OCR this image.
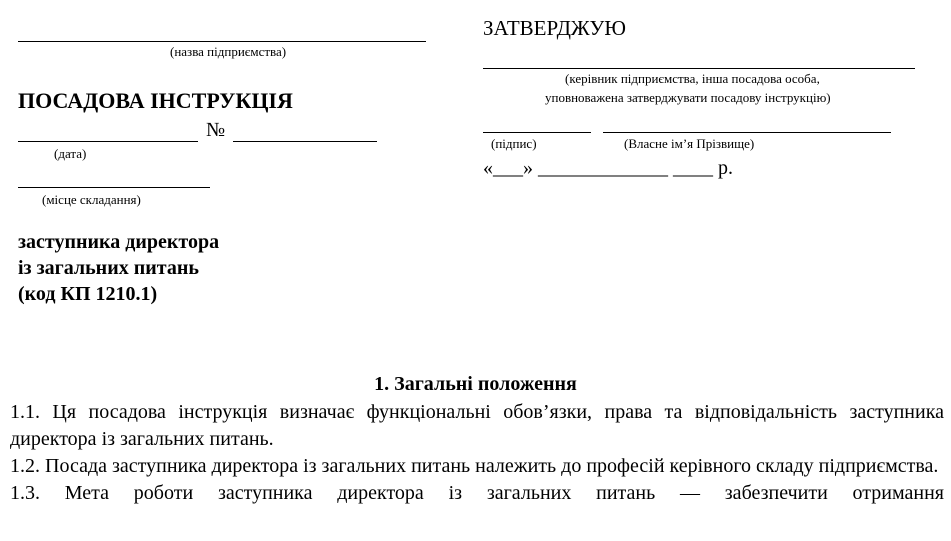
(назва підприємства)
ПОСАДОВА ІНСТРУКЦІЯ
№
(дата)
(місце складання)
заступника директора
із загальних питань
(код КП 1210.1)
ЗАТВЕРДЖУЮ
(керівник підприємства, інша посадова особа,
уповноважена затверджувати посадову інструкцію)
(підпис)	(Власне ім’я Прізвище)
«___» _____________ ____ р.
1. Загальні положення

1.1. Ця посадова інструкція визначає функціональні обов’язки, права та відповідальність заступника директора із загальних питань.

1.2. Посада заступника директора із загальних питань належить до професій керівного складу підприємства.

1.3. Мета роботи заступника директора із загальних питань — забезпечити отримання
